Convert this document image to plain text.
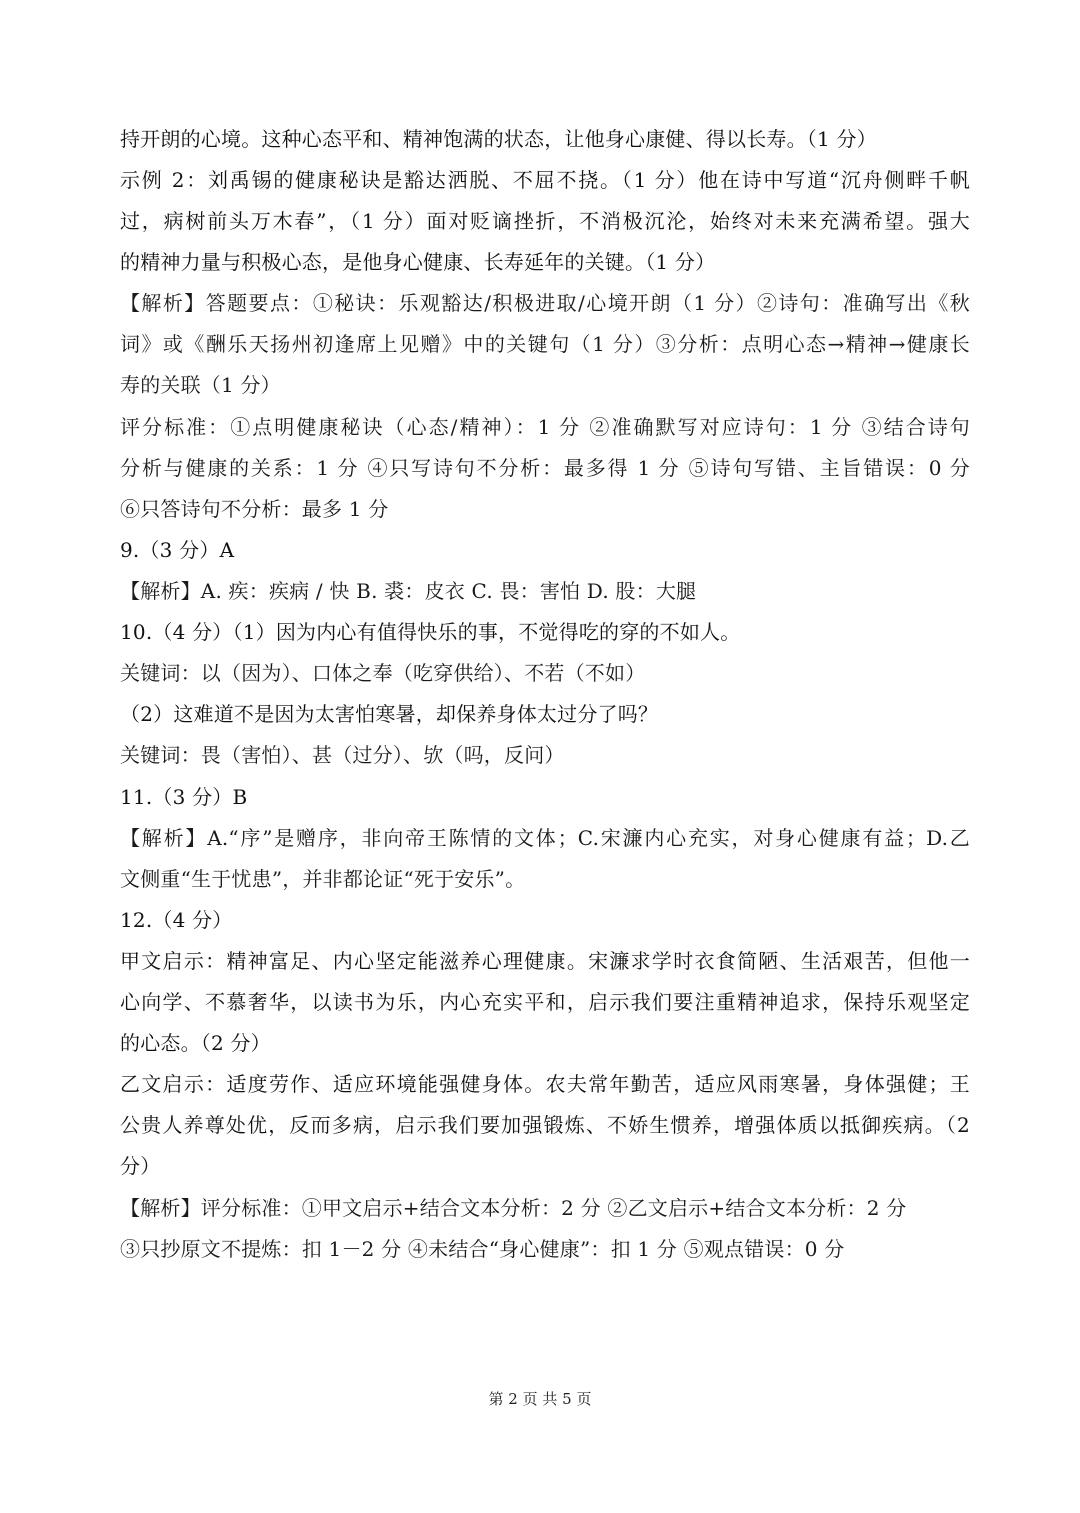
持开朗的心境。这种心态平和、精神饱满的状态，让他身心康健、得以长寿。（1 分）
示例 2：刘禹锡的健康秘诀是豁达洒脱、不屈不挠。（1 分）他在诗中写道“沉舟侧畔千帆
过，病树前头万木春”，（1 分）面对贬谪挫折，不消极沉沦，始终对未来充满希望。强大
的精神力量与积极心态，是他身心健康、长寿延年的关键。（1 分）
【解析】答题要点：①秘诀：乐观豁达/积极进取/心境开朗（1 分）②诗句：准确写出《秋
词》或《酬乐天扬州初逢席上见赠》中的关键句（1 分）③分析：点明心态→精神→健康长
寿的关联（1 分）
评分标准：①点明健康秘诀（心态/精神）：1 分 ②准确默写对应诗句：1 分 ③结合诗句
分析与健康的关系：1 分 ④只写诗句不分析：最多得 1 分 ⑤诗句写错、主旨错误：0 分
⑥只答诗句不分析：最多 1 分
9.（3 分）A
【解析】A. 疾：疾病 / 快 B. 裘：皮衣 C. 畏：害怕 D. 股：大腿
10.（4 分）（1）因为内心有值得快乐的事，不觉得吃的穿的不如人。
关键词：以（因为）、口体之奉（吃穿供给）、不若（不如）
（2）这难道不是因为太害怕寒暑，却保养身体太过分了吗？
关键词：畏（害怕）、甚（过分）、欤（吗，反问）
11.（3 分）B
【解析】A.“序”是赠序，非向帝王陈情的文体；C.宋濂内心充实，对身心健康有益；D.乙
文侧重“生于忧患”，并非都论证“死于安乐”。
12.（4 分）
甲文启示：精神富足、内心坚定能滋养心理健康。宋濂求学时衣食简陋、生活艰苦，但他一
心向学、不慕奢华，以读书为乐，内心充实平和，启示我们要注重精神追求，保持乐观坚定
的心态。（2 分）
乙文启示：适度劳作、适应环境能强健身体。农夫常年勤苦，适应风雨寒暑，身体强健；王
公贵人养尊处优，反而多病，启示我们要加强锻炼、不娇生惯养，增强体质以抵御疾病。（2
分）
【解析】评分标准：①甲文启示+结合文本分析：2 分 ②乙文启示+结合文本分析：2 分
③只抄原文不提炼：扣 1－2 分 ④未结合“身心健康”：扣 1 分 ⑤观点错误：0 分
第 2 页 共 5 页
